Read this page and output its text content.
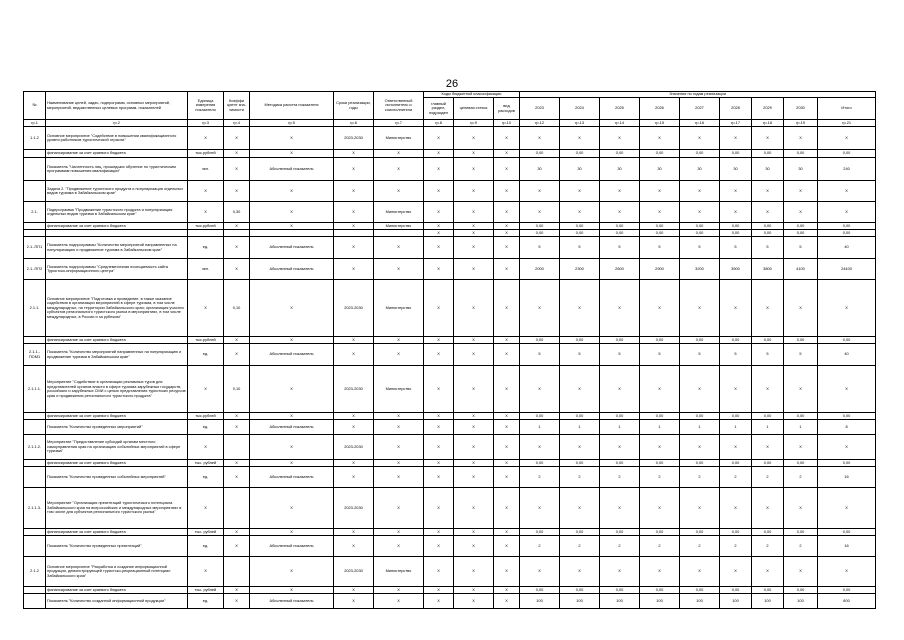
26
№	Наименование целей, задач, подпрограмм, основных мероприятий, мероприятий, ведомственных целевых программ, показателей	Единица измерения показателя	Коэффи циент зна-чимости	Методика расчета показателя	Сроки реализации, годы	Ответственный исполнитель и соисполнители	Коды бюджетной классификации			Значения по годам реализации								
							главный раздел, подраздел	целевая статья	вид расходов	2023	2024	2025	2026	2027	2028	2029	2030	Итого
гр.1	гр.2	гр.3	гр.4	гр.5	гр.6	гр.7	гр.8	гр.9	гр.10	гр.12	гр.13	гр.14	гр.15	гр.16	гр.17	гр.18	гр.19	гр.21
1.1.2	Основное мероприятие "Содействие в повышении квалификационного уровня работников туристической отрасли"	X	X	X	2023-2030	Министерство	X	X	X	X	X	X	X	X	X	X	X	X
	финансирование за счет краевого бюджета	тыс.рублей	X	X	X	X	X	X	X	0,00	0,00	0,00	0,00	0,00	0,00	0,00	0,00	0,00
	Показатель "Численность лиц, прошедших обучение по туристическим программам повышения квалификации"	чел.	X	Абсолютный показатель	X	X	X	X	X	30	30	30	30	30	30	30	30	240
	Задача 2. "Продвижение туристского продукта и популяризация отдельных видов туризма в Забайкальском крае"	X	X	X	X	X	X	X	X	X	X	X	X	X	X	X	X	X
2.1.	Подпрограмма "Продвижение туристского продукта и популяризация отдельных видов туризма в Забайкальском крае"	X	0,30	X	X	Министерство	X	X	X	X	X	X	X	X	X	X	X	X
	финансирование за счет краевого бюджета	тыс.рублей	X	X	X	Министерство	X	X	X	0,00	0,00	0,00	0,00	0,00	0,00	0,00	0,00	0,00
							X	X	X	0,00	0,00	0,00	0,00	0,00	0,00	0,00	0,00	0,00
2.1.-ПП1	Показатель подпрограммы "Количество мероприятий направленных на популяризацию и продвижение туризма в Забайкальском крае"	ед.	X	Абсолютный показатель	X	X	X	X	X	5	5	5	5	5	5	5	5	40
2.1.-ПП2	Показатель подпрограммы "Среднемесячная посещаемость сайта Туристско-информационного центра"	чел.	X	Абсолютный показатель	X	X	X	X	X	2000	2300	2600	2900	3200	3500	3800	4100	24400
2.1.1.	Основное мероприятие "Подготовка и проведение, в также оказание содействия в организации мероприятий в сфере туризма, в том числе международных, на территории Забайкальского края; организация участия субъектов регионального туристского рынка в мероприятиях, в том числе международных, в России и за рубежом"	X	0,10	X	2023-2030	Министерство	X	X	X	X	X	X	X	X	X	X	X	X
	финансирование за счет краевого бюджета	тыс.рублей	X	X	X	X	X	X	X	0,00	0,00	0,00	0,00	0,00	0,00	0,00	0,00	0,00
2.1.1.-ПОМ1	Показатель "Количество мероприятий направленных на популяризацию и продвижение туризма в Забайкальском крае"	ед.	X	Абсолютный показатель	X	X	X	X	X	5	5	5	5	5	5	5	5	40
2.1.1.1.	Мероприятие "Содействие в организации рекламных туров для представителей органов власти в сфере туризма зарубежных государств, российских и зарубежных СМИ с целью представления туристских ресурсов края и продвижения регионального туристского продукта"	X	0,10	X	2023-2030	Министерство	X	X	X	X	X	X	X	X	X	X	X	X
	финансирование за счет краевого бюджета	тыс.рублей	X	X	X	X	X	X	X	0,00	0,00	0,00	0,00	0,00	0,00	0,00	0,00	0,00
	Показатель "Количество проведенных мероприятий"	ед.	X	Абсолютный показатель	X	X	X	X	X	1	1	1	1	1	1	1	1	8
2.1.1.2.	Мероприятие "Предоставление субсидий органам местного самоуправления края на организацию событийных мероприятий в сфере туризма"	X		X	2023-2030	X	X	X	X	X	X	X	X	X	X	X	X	X
	финансирование за счет краевого бюджета	тыс. рублей	X	X	X	X	X	X	X	0,00	0,00	0,00	0,00	0,00	0,00	0,00	0,00	0,00
	Показатель "Количество проведенных событийных мероприятий"	ед.	X	Абсолютный показатель	X	X	X	X	X	2	2	2	2	2	2	2	2	16
2.1.1.3.	Мероприятие "Организация презентаций туристического потенциала Забайкальского края на всероссийских и международных мероприятиях в том числе для субъектов регионального туристского рынка"	X		X	2023-2030	X	X	X	X	X	X	X	X	X	X	X	X	X
	финансирование за счет краевого бюджета	тыс. рублей	X	X	X	X	X	X	X	0,00	0,00	0,00	0,00	0,00	0,00	0,00	0,00	0,00
	Показатель "Количество проведенных презентаций"	ед.	X	Абсолютный показатель	X	X	X	X	X	2	2	2	2	2	2	2	2	16
2.1.2	Основное мероприятие "Разработка и создание информационной продукции, демонстрирующей туристско-рекреационный потенциал Забайкальского края"	X		X	2023-2030	Министерство	X	X	X	X	X	X	X	X	X	X	X	X
	финансирование за счет краевого бюджета	тыс. рублей	X	X	X	X	X	X	X	0,00	0,00	0,00	0,00	0,00	0,00	0,00	0,00	0,00
	Показатель "Количество созданной информационной продукции"	ед.	X	Абсолютный показатель	X	X	X	X	X	100	100	100	100	100	100	100	100	800
